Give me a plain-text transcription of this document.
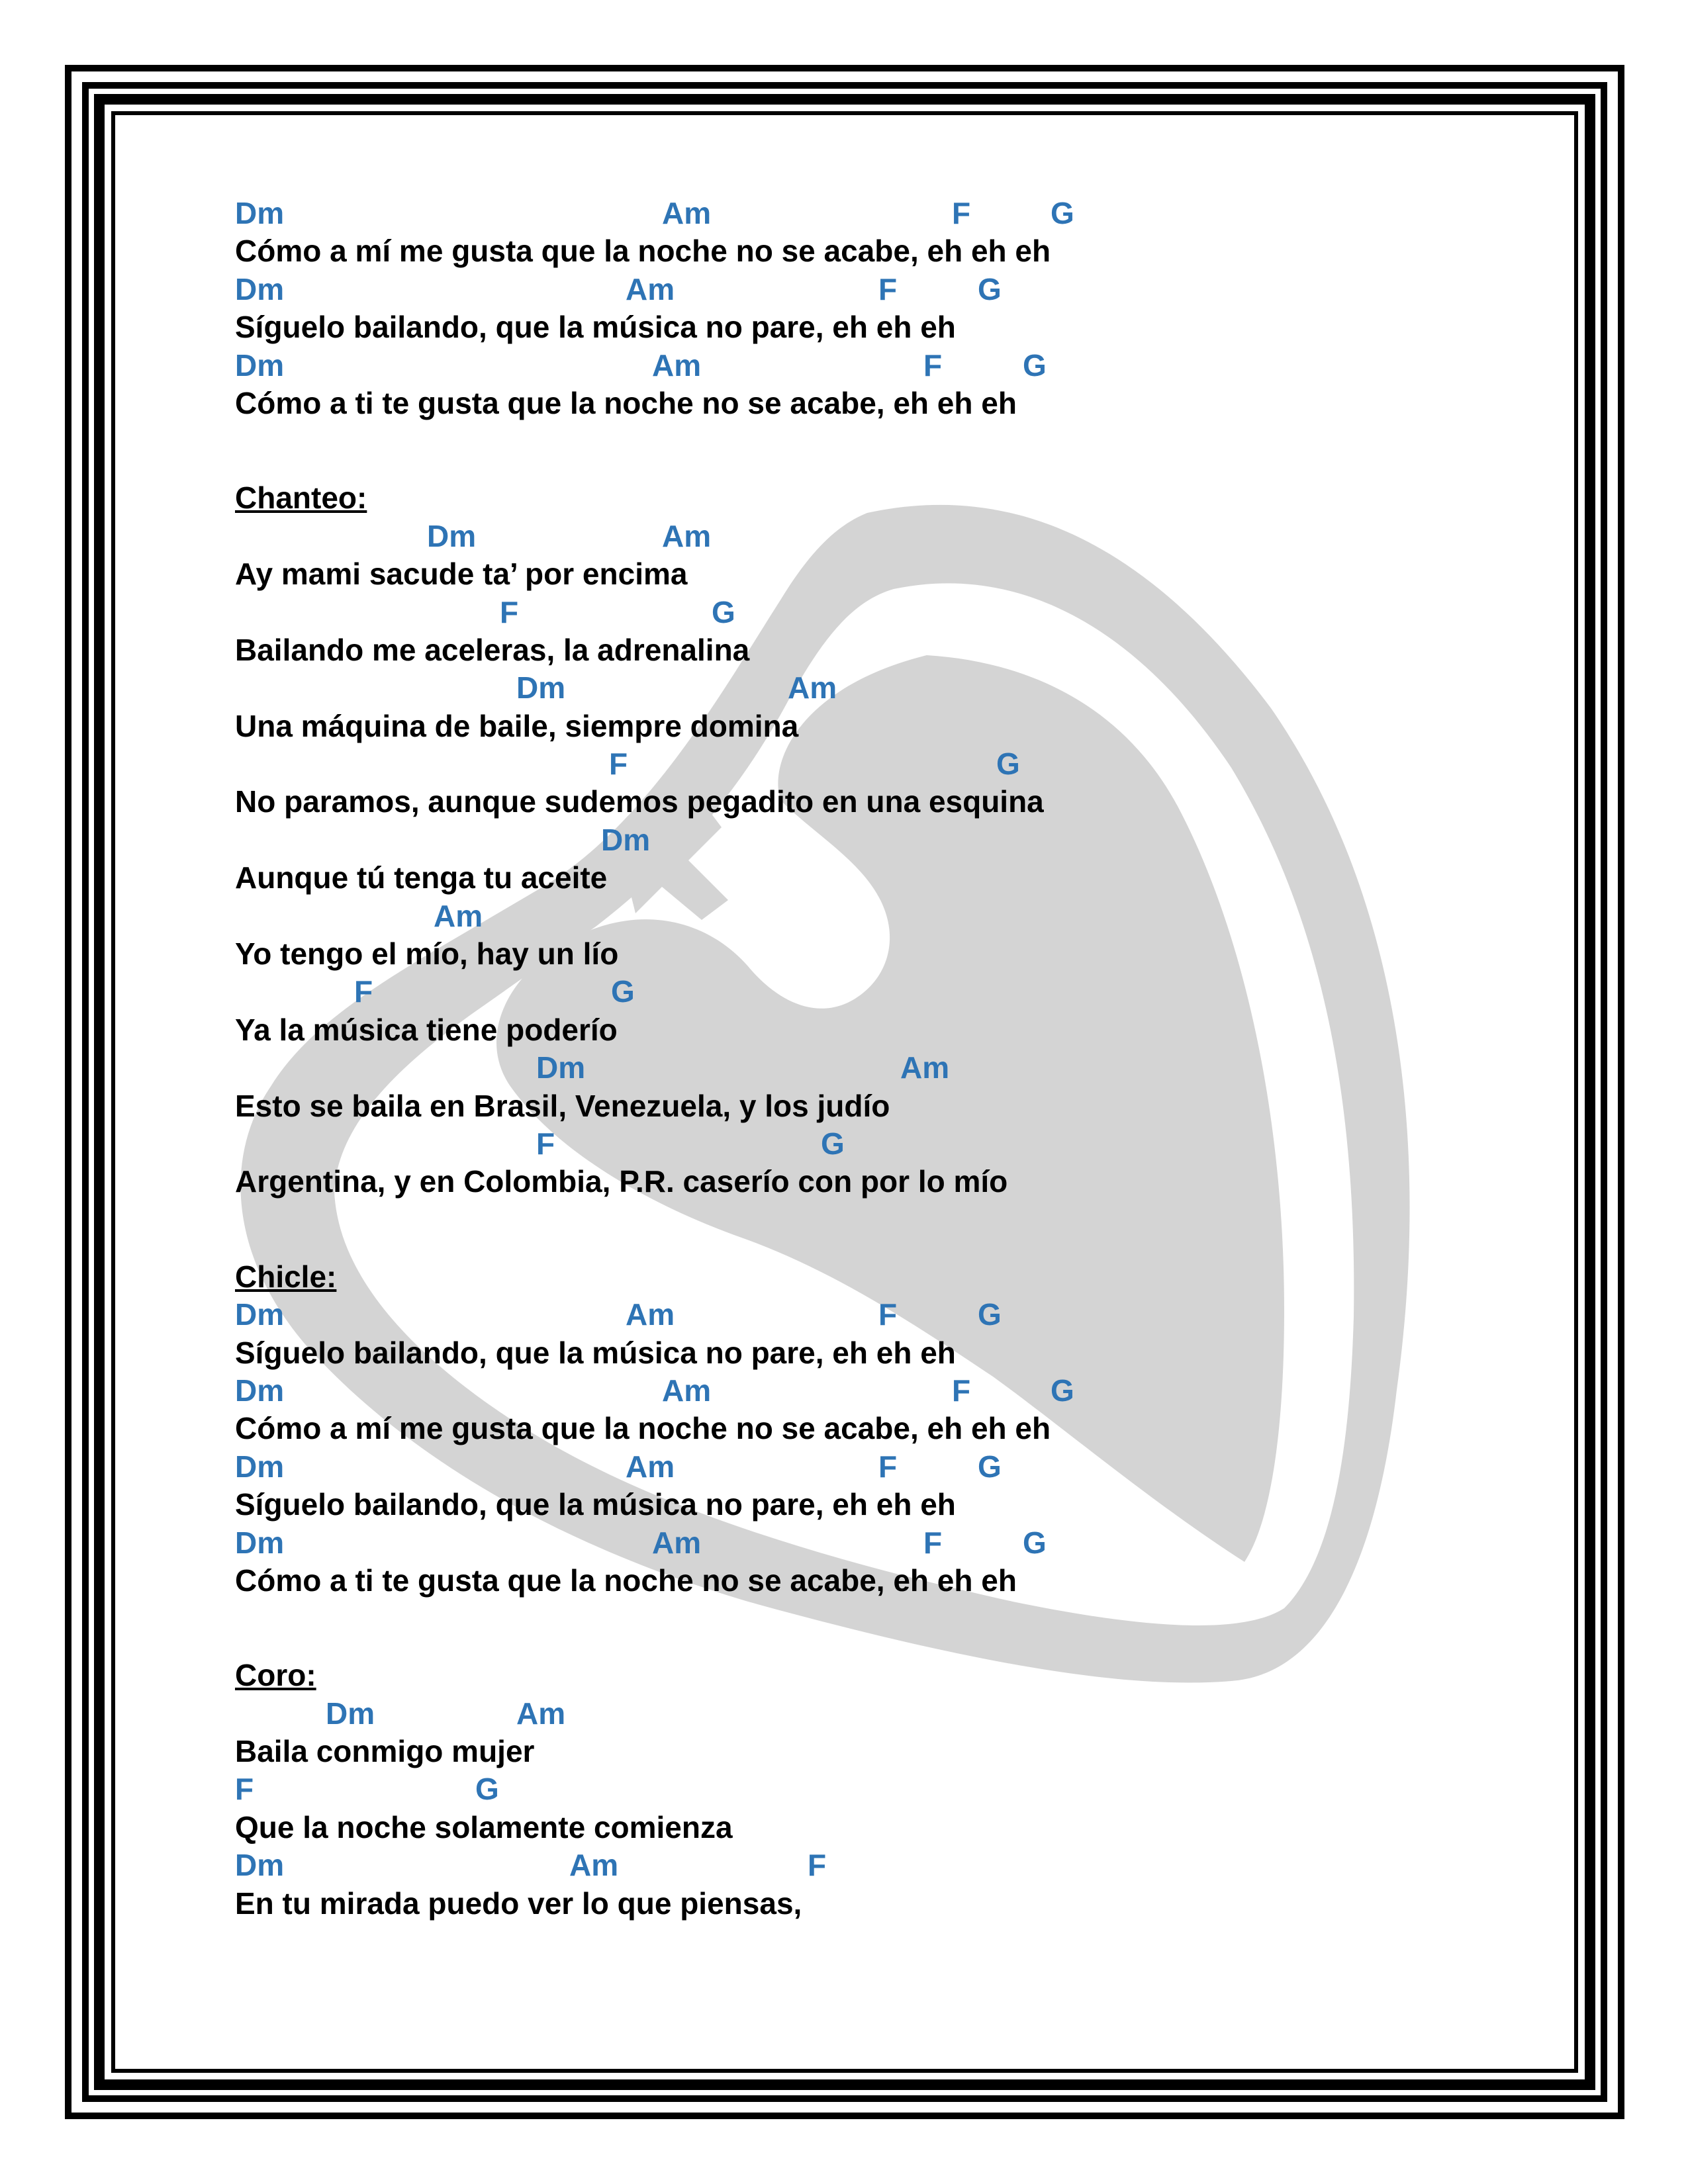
Dm	Am	F	G
Cómo a mí me gusta que la noche no se acabe, eh eh eh
Dm	Am	F	G
Síguelo bailando, que la música no pare, eh eh eh
Dm	Am	F	G
Cómo a ti te gusta que la noche no se acabe, eh eh eh
Chanteo:
Dm	Am
Ay mami sacude ta’ por encima
F	G
Bailando me aceleras, la adrenalina
Dm	Am
Una máquina de baile, siempre domina
F	G
No paramos, aunque sudemos pegadito en una esquina
Dm
Aunque tú tenga tu aceite
Am
Yo tengo el mío, hay un lío
F	G
Ya la música tiene poderío
Dm	Am
Esto se baila en Brasil, Venezuela, y los judío
F	G
Argentina, y en Colombia, P.R. caserío con por lo mío
Chicle:
Dm	Am	F	G
Síguelo bailando, que la música no pare, eh eh eh
Dm	Am	F	G
Cómo a mí me gusta que la noche no se acabe, eh eh eh
Dm	Am	F	G
Síguelo bailando, que la música no pare, eh eh eh
Dm	Am	F	G
Cómo a ti te gusta que la noche no se acabe, eh eh eh
Coro:
Dm	Am
Baila conmigo mujer
F	G
Que la noche solamente comienza
Dm	Am	F
En tu mirada puedo ver lo que piensas,
